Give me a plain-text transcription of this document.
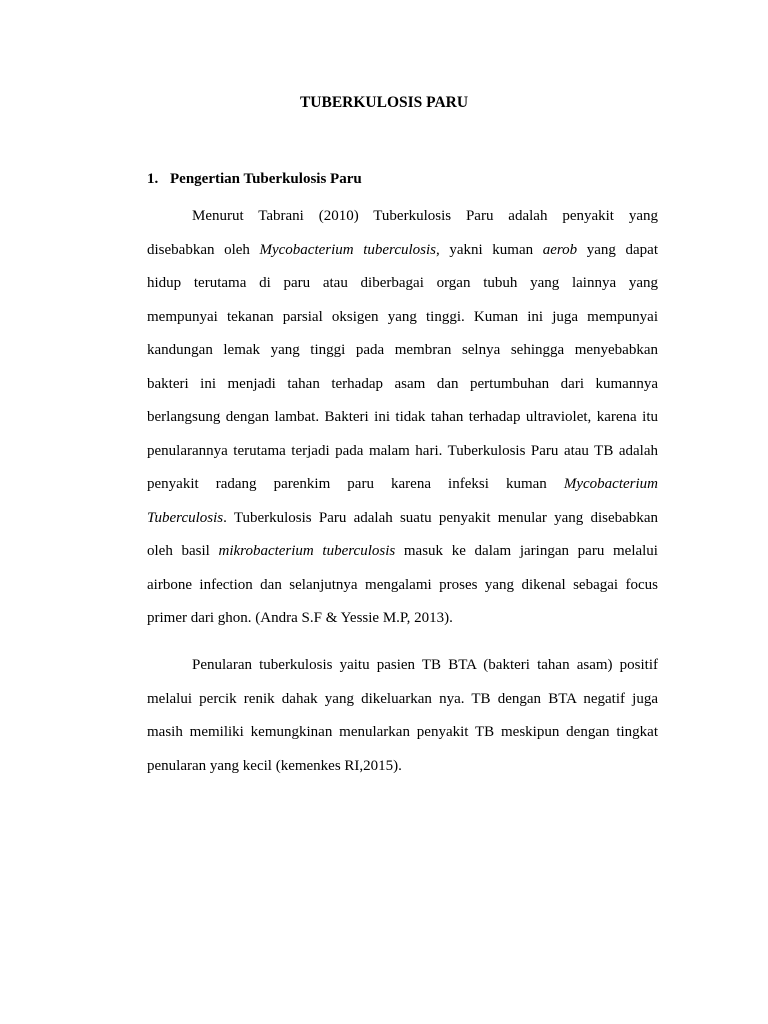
TUBERKULOSIS PARU
1. Pengertian Tuberkulosis Paru
Menurut Tabrani (2010) Tuberkulosis Paru adalah penyakit yang
disebabkan oleh Mycobacterium tuberculosis, yakni kuman aerob yang dapat
hidup terutama di paru atau diberbagai organ tubuh yang lainnya yang
mempunyai tekanan parsial oksigen yang tinggi. Kuman ini juga mempunyai
kandungan lemak yang tinggi pada membran selnya sehingga menyebabkan
bakteri ini menjadi tahan terhadap asam dan pertumbuhan dari kumannya
berlangsung dengan lambat. Bakteri ini tidak tahan terhadap ultraviolet, karena itu
penularannya terutama terjadi pada malam hari. Tuberkulosis Paru atau TB adalah
penyakit radang parenkim paru karena infeksi kuman Mycobacterium
Tuberculosis. Tuberkulosis Paru adalah suatu penyakit menular yang disebabkan
oleh basil mikrobacterium tuberculosis masuk ke dalam jaringan paru melalui
airbone infection dan selanjutnya mengalami proses yang dikenal sebagai focus
primer dari ghon. (Andra S.F & Yessie M.P, 2013).
Penularan tuberkulosis yaitu pasien TB BTA (bakteri tahan asam) positif
melalui percik renik dahak yang dikeluarkan nya. TB dengan BTA negatif juga
masih memiliki kemungkinan menularkan penyakit TB meskipun dengan tingkat
penularan yang kecil (kemenkes RI,2015).
